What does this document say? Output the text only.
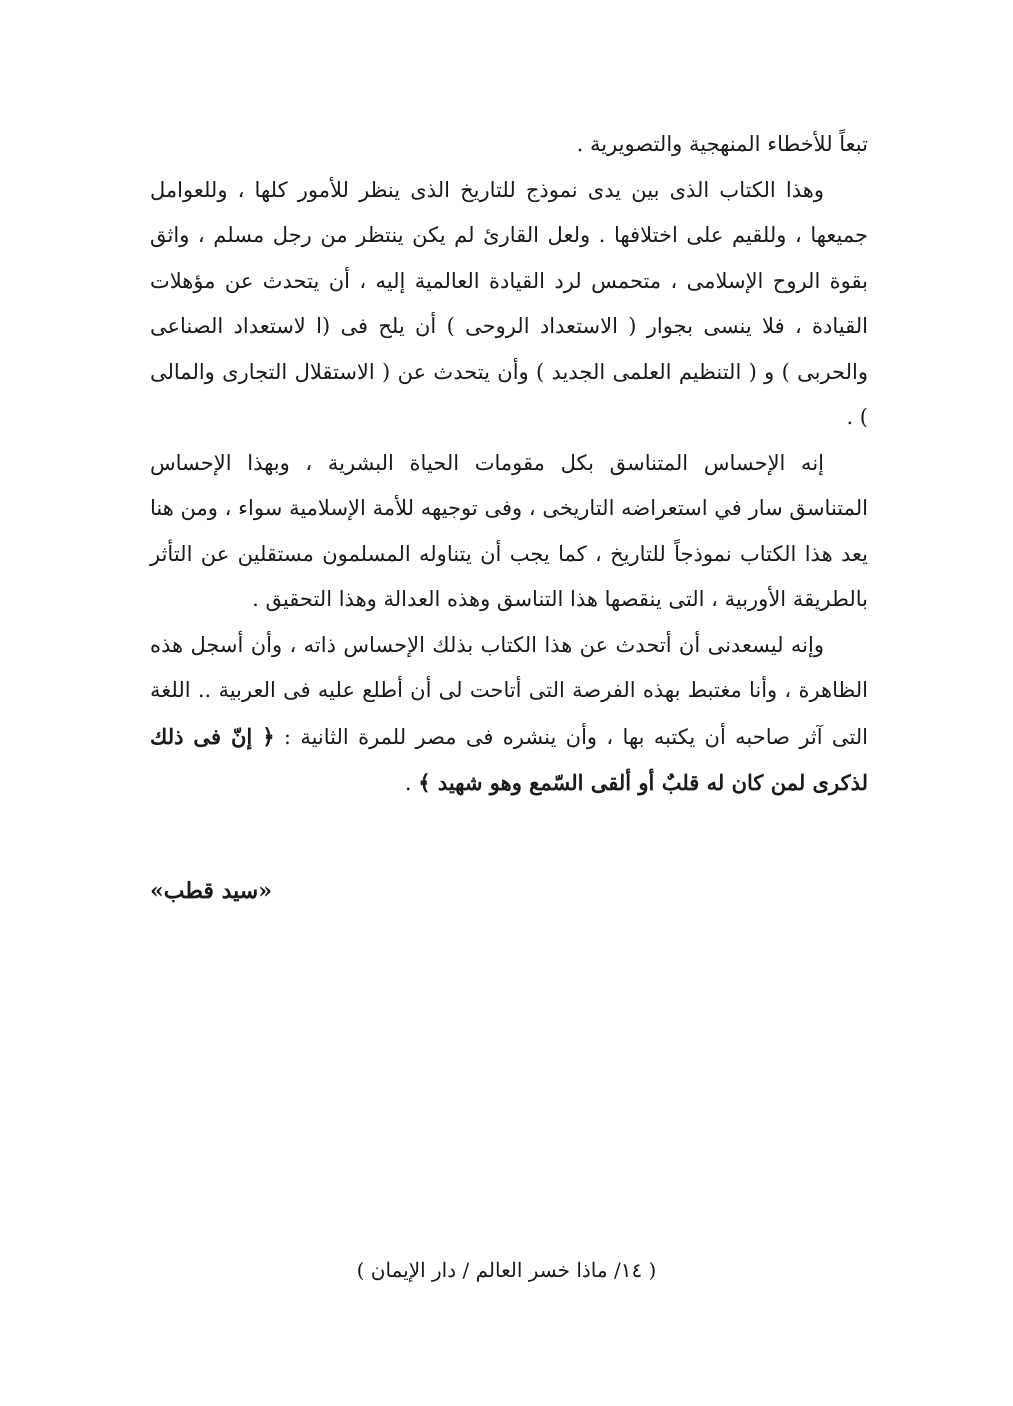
تبعاً للأخطاء المنهجية والتصويرية .

وهذا الكتاب الذى بين يدى نموذج للتاريخ الذى ينظر للأمور كلها ، وللعوامل جميعها ، وللقيم على اختلافها . ولعل القارئ لم يكن ينتظر من رجل مسلم ، واثق بقوة الروح الإسلامى ، متحمس لرد القيادة العالمية إليه ، أن يتحدث عن مؤهلات القيادة ، فلا ينسى بجوار ( الاستعداد الروحى ) أن يلح فى (ا لاستعداد الصناعى والحربى ) و ( التنظيم العلمى الجديد ) وأن يتحدث عن ( الاستقلال التجارى والمالى ) .

إنه الإحساس المتناسق بكل مقومات الحياة البشرية ، وبهذا الإحساس المتناسق سار في استعراضه التاريخى ، وفى توجيهه للأمة الإسلامية سواء ، ومن هنا يعد هذا الكتاب نموذجاً للتاريخ ، كما يجب أن يتناوله المسلمون مستقلين عن التأثر بالطريقة الأوربية ، التى ينقصها هذا التناسق وهذه العدالة وهذا التحقيق .

وإنه ليسعدنى أن أتحدث عن هذا الكتاب بذلك الإحساس ذاته ، وأن أسجل هذه الظاهرة ، وأنا مغتبط بهذه الفرصة التى أتاحت لى أن أطلع عليه فى العربية .. اللغة التى آثر صاحبه أن يكتبه بها ، وأن ينشره فى مصر للمرة الثانية : ﴿ إنّ فى ذلك لذكرى لمن كان له قلبٌ أو ألقى السّمع وهو شهيد ﴾ .

«سيد قطب»
( ١٤/ ماذا خسر العالم / دار الإيمان )
